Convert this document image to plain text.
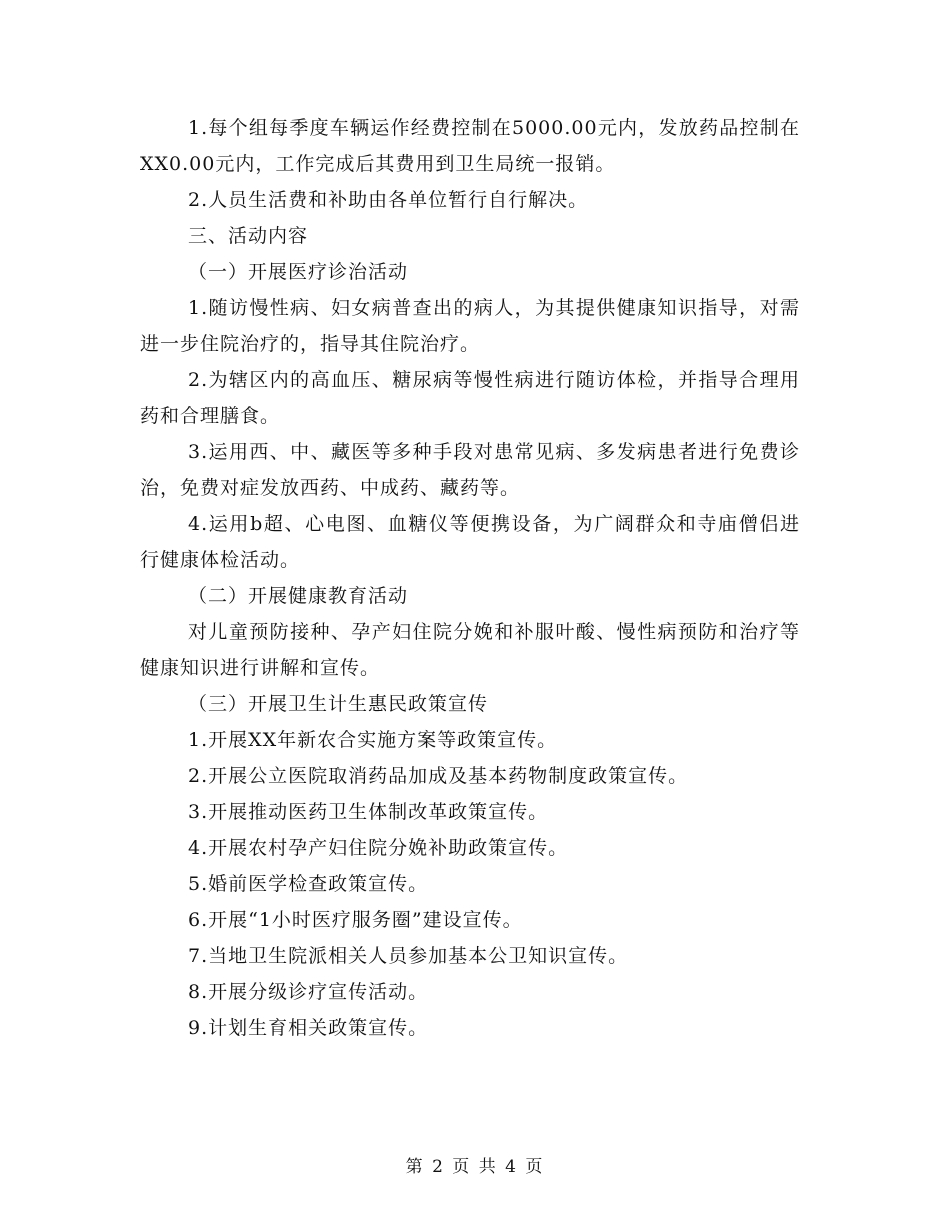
1.每个组每季度车辆运作经费控制在5000.00元内，发放药品控制在XX0.00元内，工作完成后其费用到卫生局统一报销。

2.人员生活费和补助由各单位暂行自行解决。

三、活动内容

（一）开展医疗诊治活动

1.随访慢性病、妇女病普查出的病人，为其提供健康知识指导，对需进一步住院治疗的，指导其住院治疗。

2.为辖区内的高血压、糖尿病等慢性病进行随访体检，并指导合理用药和合理膳食。

3.运用西、中、藏医等多种手段对患常见病、多发病患者进行免费诊治，免费对症发放西药、中成药、藏药等。

4.运用b超、心电图、血糖仪等便携设备，为广阔群众和寺庙僧侣进行健康体检活动。

（二）开展健康教育活动

对儿童预防接种、孕产妇住院分娩和补服叶酸、慢性病预防和治疗等健康知识进行讲解和宣传。

（三）开展卫生计生惠民政策宣传

1.开展XX年新农合实施方案等政策宣传。

2.开展公立医院取消药品加成及基本药物制度政策宣传。

3.开展推动医药卫生体制改革政策宣传。

4.开展农村孕产妇住院分娩补助政策宣传。

5.婚前医学检查政策宣传。

6.开展“1小时医疗服务圈”建设宣传。

7.当地卫生院派相关人员参加基本公卫知识宣传。

8.开展分级诊疗宣传活动。

9.计划生育相关政策宣传。

第 2 页 共 4 页
